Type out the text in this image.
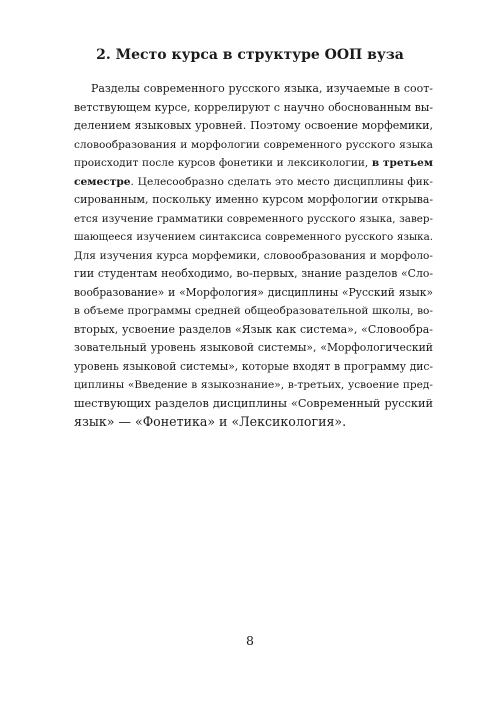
2. Место курса в структуре ООП вуза
Разделы современного русского языка, изучаемые в соот-
ветствующем курсе, коррелируют с научно обоснованным вы-
делением языковых уровней. Поэтому освоение морфемики,
словообразования и морфологии современного русского языка
происходит после курсов фонетики и лексикологии, в третьем
семестре. Целесообразно сделать это место дисциплины фик-
сированным, поскольку именно курсом морфологии открыва-
ется изучение грамматики современного русского языка, завер-
шающееся изучением синтаксиса современного русского языка.
Для изучения курса морфемики, словообразования и морфоло-
гии студентам необходимо, во-первых, знание разделов «Сло-
вообразование» и «Морфология» дисциплины «Русский язык»
в объеме программы средней общеобразовательной школы, во-
вторых, усвоение разделов «Язык как система», «Словообра-
зовательный уровень языковой системы», «Морфологический
уровень языковой системы», которые входят в программу дис-
циплины «Введение в языкознание», в-третьих, усвоение пред-
шествующих разделов дисциплины «Современный русский
язык» — «Фонетика» и «Лексикология».
8
